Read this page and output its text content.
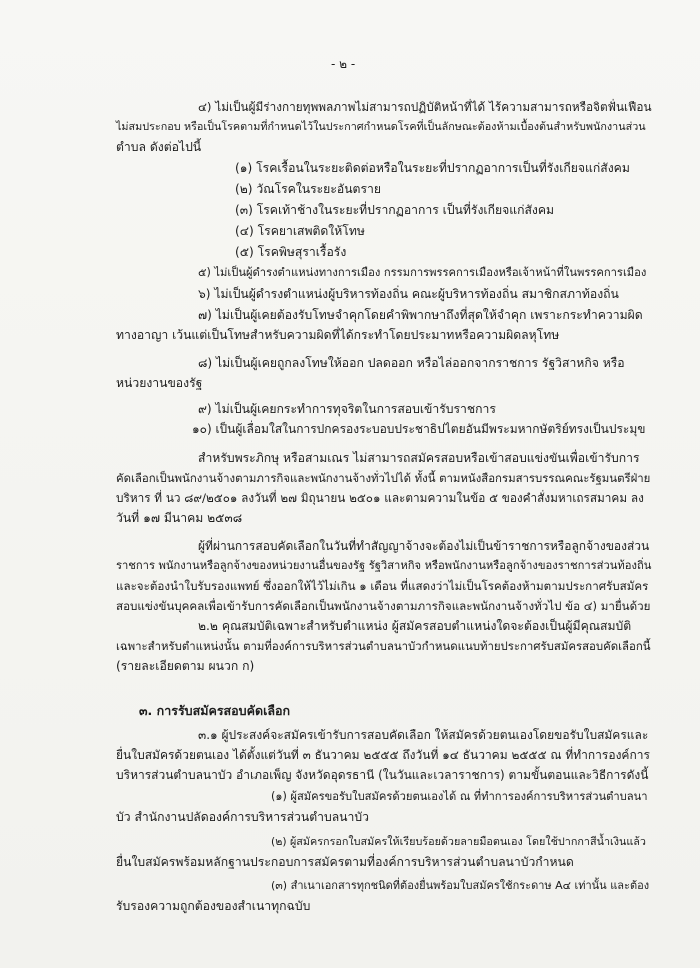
- ๒ -
๔) ไม่เป็นผู้มีร่างกายทุพพลภาพไม่สามารถปฏิบัติหน้าที่ได้ ไร้ความสามารถหรือจิตฟั่นเฟือน
ไม่สมประกอบ หรือเป็นโรคตามที่กำหนดไว้ในประกาศกำหนดโรคที่เป็นลักษณะต้องห้ามเบื้องต้นสำหรับพนักงานส่วน
ตำบล ดังต่อไปนี้
(๑) โรคเรื้อนในระยะติดต่อหรือในระยะที่ปรากฏอาการเป็นที่รังเกียจแก่สังคม
(๒) วัณโรคในระยะอันตราย
(๓) โรคเท้าช้างในระยะที่ปรากฏอาการ เป็นที่รังเกียจแก่สังคม
(๔) โรคยาเสพติดให้โทษ
(๕) โรคพิษสุราเรื้อรัง
๕) ไม่เป็นผู้ดำรงตำแหน่งทางการเมือง กรรมการพรรคการเมืองหรือเจ้าหน้าที่ในพรรคการเมือง
๖) ไม่เป็นผู้ดำรงตำแหน่งผู้บริหารท้องถิ่น คณะผู้บริหารท้องถิ่น สมาชิกสภาท้องถิ่น
๗) ไม่เป็นผู้เคยต้องรับโทษจำคุกโดยคำพิพากษาถึงที่สุดให้จำคุก เพราะกระทำความผิด
ทางอาญา เว้นแต่เป็นโทษสำหรับความผิดที่ได้กระทำโดยประมาทหรือความผิดลหุโทษ
๘) ไม่เป็นผู้เคยถูกลงโทษให้ออก ปลดออก หรือไล่ออกจากราชการ รัฐวิสาหกิจ หรือ
หน่วยงานของรัฐ
๙) ไม่เป็นผู้เคยกระทำการทุจริตในการสอบเข้ารับราชการ
๑๐) เป็นผู้เลื่อมใสในการปกครองระบอบประชาธิปไตยอันมีพระมหากษัตริย์ทรงเป็นประมุข
สำหรับพระภิกษุ หรือสามเณร ไม่สามารถสมัครสอบหรือเข้าสอบแข่งขันเพื่อเข้ารับการ
คัดเลือกเป็นพนักงานจ้างตามภารกิจและพนักงานจ้างทั่วไปได้ ทั้งนี้ ตามหนังสือกรมสารบรรณคณะรัฐมนตรีฝ่าย
บริหาร ที่ นว ๘๙/๒๕๐๑ ลงวันที่ ๒๗ มิถุนายน ๒๕๐๑ และตามความในข้อ ๕ ของคำสั่งมหาเถรสมาคม ลง
วันที่ ๑๗ มีนาคม ๒๕๓๘
ผู้ที่ผ่านการสอบคัดเลือกในวันที่ทำสัญญาจ้างจะต้องไม่เป็นข้าราชการหรือลูกจ้างของส่วน
ราชการ พนักงานหรือลูกจ้างของหน่วยงานอื่นของรัฐ รัฐวิสาหกิจ หรือพนักงานหรือลูกจ้างของราชการส่วนท้องถิ่น
และจะต้องนำใบรับรองแพทย์ ซึ่งออกให้ไว้ไม่เกิน ๑ เดือน ที่แสดงว่าไม่เป็นโรคต้องห้ามตามประกาศรับสมัคร
สอบแข่งขันบุคคลเพื่อเข้ารับการคัดเลือกเป็นพนักงานจ้างตามภารกิจและพนักงานจ้างทั่วไป ข้อ ๔) มายื่นด้วย
๒.๒ คุณสมบัติเฉพาะสำหรับตำแหน่ง ผู้สมัครสอบตำแหน่งใดจะต้องเป็นผู้มีคุณสมบัติ
เฉพาะสำหรับตำแหน่งนั้น ตามที่องค์การบริหารส่วนตำบลนาบัวกำหนดแนบท้ายประกาศรับสมัครสอบคัดเลือกนี้
(รายละเอียดตาม ผนวก ก)
๓. การรับสมัครสอบคัดเลือก
๓.๑ ผู้ประสงค์จะสมัครเข้ารับการสอบคัดเลือก ให้สมัครด้วยตนเองโดยขอรับใบสมัครและ
ยื่นใบสมัครด้วยตนเอง ได้ตั้งแต่วันที่ ๓ ธันวาคม ๒๕๕๕ ถึงวันที่ ๑๔ ธันวาคม ๒๕๕๕ ณ ที่ทำการองค์การ
บริหารส่วนตำบลนาบัว อำเภอเพ็ญ จังหวัดอุดรธานี (ในวันและเวลาราชการ) ตามขั้นตอนและวิธีการดังนี้
(๑) ผู้สมัครขอรับใบสมัครด้วยตนเองได้ ณ ที่ทำการองค์การบริหารส่วนตำบลนา
บัว สำนักงานปลัดองค์การบริหารส่วนตำบลนาบัว
(๒) ผู้สมัครกรอกใบสมัครให้เรียบร้อยด้วยลายมือตนเอง โดยใช้ปากกาสีน้ำเงินแล้ว
ยื่นใบสมัครพร้อมหลักฐานประกอบการสมัครตามที่องค์การบริหารส่วนตำบลนาบัวกำหนด
(๓) สำเนาเอกสารทุกชนิดที่ต้องยื่นพร้อมใบสมัครใช้กระดาษ A๔ เท่านั้น และต้อง
รับรองความถูกต้องของสำเนาทุกฉบับ
